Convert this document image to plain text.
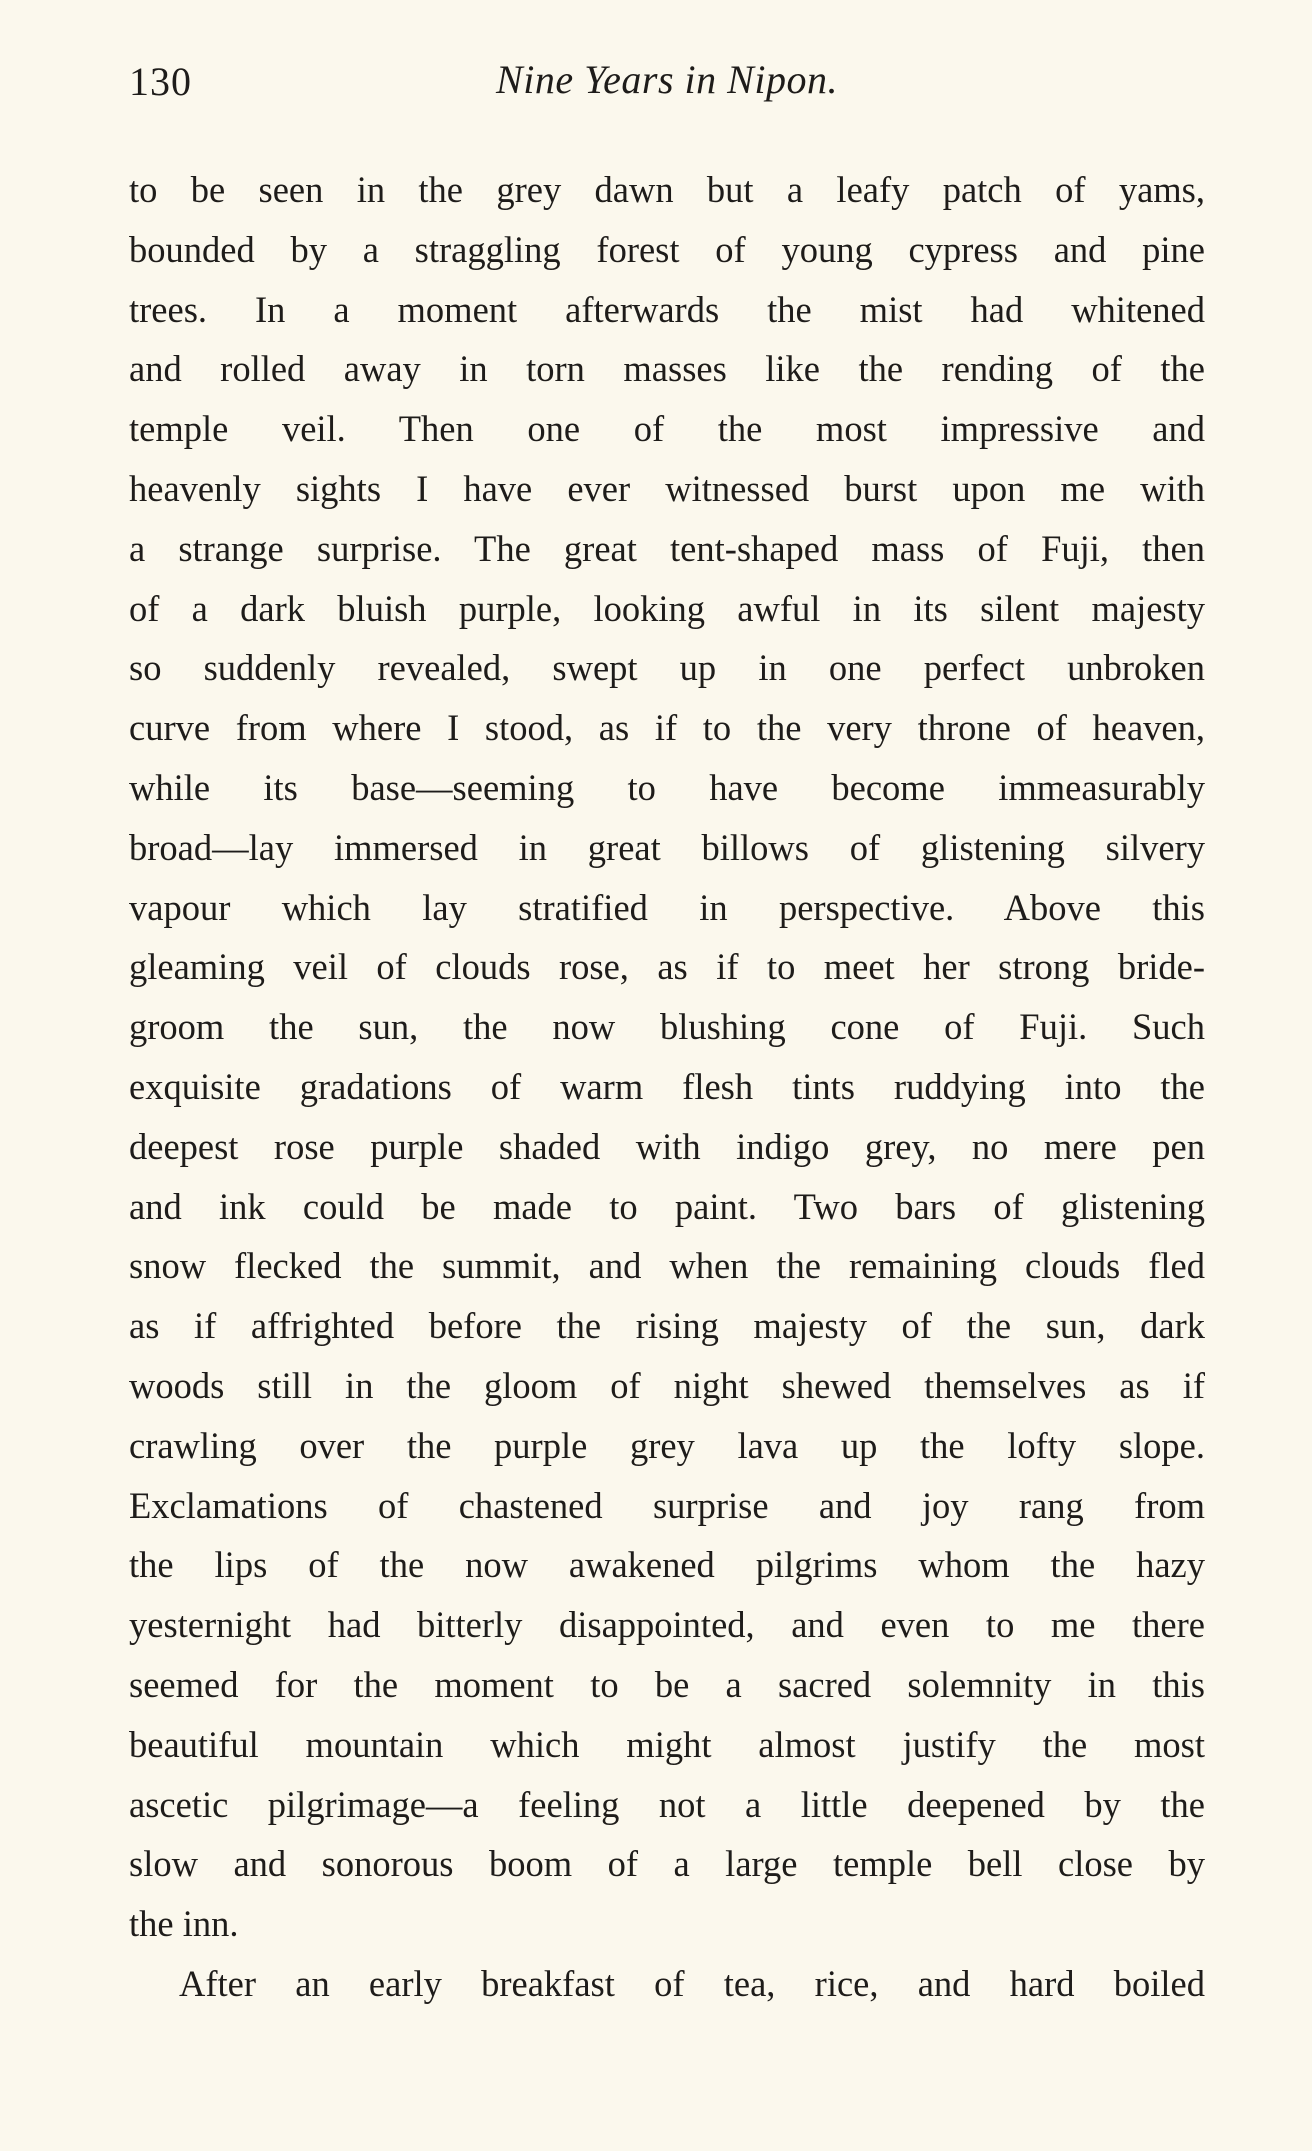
130	Nine Years in Nipon.
to be seen in the grey dawn but a leafy patch of yams,
bounded by a straggling forest of young cypress and pine
trees. In a moment afterwards the mist had whitened
and rolled away in torn masses like the rending of the
temple veil. Then one of the most impressive and
heavenly sights I have ever witnessed burst upon me with
a strange surprise. The great tent-shaped mass of Fuji, then
of a dark bluish purple, looking awful in its silent majesty
so suddenly revealed, swept up in one perfect unbroken
curve from where I stood, as if to the very throne of heaven,
while its base—seeming to have become immeasurably
broad—lay immersed in great billows of glistening silvery
vapour which lay stratified in perspective. Above this
gleaming veil of clouds rose, as if to meet her strong bride-
groom the sun, the now blushing cone of Fuji. Such
exquisite gradations of warm flesh tints ruddying into the
deepest rose purple shaded with indigo grey, no mere pen
and ink could be made to paint. Two bars of glistening
snow flecked the summit, and when the remaining clouds fled
as if affrighted before the rising majesty of the sun, dark
woods still in the gloom of night shewed themselves as if
crawling over the purple grey lava up the lofty slope.
Exclamations of chastened surprise and joy rang from
the lips of the now awakened pilgrims whom the hazy
yesternight had bitterly disappointed, and even to me there
seemed for the moment to be a sacred solemnity in this
beautiful mountain which might almost justify the most
ascetic pilgrimage—a feeling not a little deepened by the
slow and sonorous boom of a large temple bell close by
the inn.
After an early breakfast of tea, rice, and hard boiled
